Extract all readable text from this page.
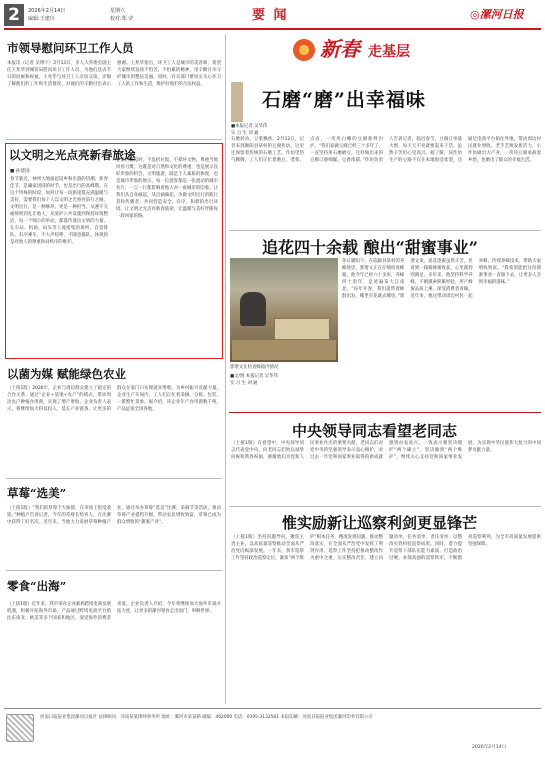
2	2026年2月14日
编辑:王建玲
星期六
校对:郑 莹	要 闻	◎漯河日报
市领导慰问环卫工作人员
本报讯（记者 吴博宇）2月13日，市人大常委会副主任王兆华到城管局慰问环卫工作人员，为他们送去节日的问候和祝福。王兆华与环卫工人亲切交谈，详细了解他们的工作和生活情况，对他们的辛勤付出表示感谢。王兆华指出，环卫工人是城市的美容师，希望大家继续发扬不怕苦、不怕累的精神，用辛勤汗水守护城市的整洁美丽。同时，有关部门要切实关心环卫工人的工作和生活，维护好他们的合法权益。
以文明之光点亮新春旅途
■ 孙建国
春节临近，神州大地涌起返乡和出游的热潮。新春佳节，是阖家团圆的时节，也是出行的高峰期。在这个特殊的时段，如何让每一段旅途都充满温暖与美好，需要我们每个人以文明之光照亮前行之路。文明出行，是一种修养，更是一种担当。从遵守交通规则到礼让他人，从爱护公共设施到保持环境整洁，每一个细小的举动，都能传递出文明的力量。在车站、机场、码头等人流密集的场所，自觉排队、有序乘车，不大声喧哗，不随意插队，体现的是对他人的尊重和对秩序的维护。
在景区游览时，不乱扔垃圾、不损坏文物，尊重当地风俗习惯，这既是对自然和文化的尊重，也是展示良好形象的机会。文明旅游，既是个人素质的体现，也是城市形象的展示。每一位游客都是一张流动的城市名片，一言一行都影响着他人对一座城市的印象。让我们从自身做起，从点滴做起，争做文明出行的践行者和传播者，共同营造安全、有序、和谐的出行环境，让文明之光点亮新春旅途，让温暖与美好伴随每一段回家的路。
以菌为媒 赋能绿色农业
（上接1版）2026年，企业与周边群众建立了稳定的合作关系，通过“企业+基地+农户”的模式，带动周边农户种植食用菌，实现了增产增收。企业负责人表示，将继续加大科技投入，延长产业链条，让更多的群众在家门口实现就业增收，为乡村振兴贡献力量。企业生产车间内，工人们正忙着采摘、分拣、包装，一派繁忙景象。据介绍，该企业年产食用菌数千吨，产品远销全国各地。
草莓“选美”
（上接1版）“我们的草莓个大味甜，在市场上很受欢迎。”种植户告诉记者，今年的草莓长势喜人，在比赛中获得了好名次。近年来，当地大力发展草莓种植产业，通过举办草莓“选美”比赛、采摘节等活动，推动草莓产业提档升级，带动农民增收致富，草莓已成为群众增收的“甜蜜产业”。
零食“出海”
（上接1版）近年来，我市零食企业紧抓跨境电商发展机遇，积极开拓海外市场。产品通过跨境电商平台销往东南亚、欧美等多个国家和地区，深受海外消费者喜爱。企业负责人介绍，今年将继续加大海外市场开拓力度，让更多的漯河零食走出国门，叫响世界。
新春 走基层
石磨“磨”出幸福味
■本报记者 吴华伟
实 习 生 刘 通
石磨转动，豆浆飘香。2月12日，记者来到舞阳县某村的豆腐作坊，这里还保留着传统的石磨工艺。作坊里热气腾腾，工人们正忙着磨豆、煮浆、点卤，一块块白嫩的豆腐新鲜出炉。“我们家做豆腐已经三十多年了，一直坚持用石磨磨豆，这样做出来的豆腐口感细腻、豆香浓郁。”作坊负责人告诉记者，临近春节，豆腐订单量大增，每天天不亮就要起来干活，虽然辛苦但心里高兴。据了解，该作坊生产的豆腐不仅在本地很受欢迎，还通过电商平台销往外地，带动周边村民就业增收。老手艺焕发新活力，小作坊做出大产业，一块块豆腐承载着乡愁，也磨出了群众的幸福生活。
追花四十余载 酿出“甜蜜事业”
郭增文在检查蜂箱内情况
■文/图 本报记者 吴华伟
实 习 生 刘 通
冬日暖阳下，在临颍县某村的养蜂场里，郭增文正在仔细检查蜂箱。他今年已经六十多岁，养蜂四十余年，足迹遍布大江南北。“每年开春，我们就带着蜂群出发，哪里有花就去哪里。”郭增文说，追花逐蜜虽然辛苦，但看到一箱箱蜂蜜收获，心里就特别满足。多年来，他坚持科学养蜂，不断摸索积累经验，所产蜂蜜品质上乘，深受消费者青睐。近年来，他还带动周边村民一起养蜂，传授养蜂技术，帮助大家增收致富。“我希望能把这份甜蜜事业一直做下去，让更多人尝到幸福的滋味。”
中央领导同志看望老同志
（上接1版）在看望中，中央领导同志代表党中央，向老同志们致以诚挚问候和新春祝福，感谢他们为党和人民事业作出的重要贡献。老同志们对党中央的坚强领导表示衷心拥护，对过去一年党和国家事业取得的新成就感到由衷高兴，一致表示要坚决拥护“两个确立”、坚决做到“两个维护”，继续关心支持党和国家事业发展，为实现中华民族伟大复兴的中国梦贡献力量。
惟实励新让巡察利剑更显锋芒
（上接1版）坚持问题导向，聚焦主责主业，以高质量巡察推动全面从严治党向纵深发展。一年来，我市巡察工作坚持政治巡察定位，紧扣“两个维护”根本任务，精准发现问题，推动整改落实，在全面从严治党中发挥了利剑作用。巡察工作坚持把推动整改作为重中之重，压实整改责任，建立问题清单、任务清单、责任清单，以整改实效检验巡察成果。同时，着力提升巡察干部队伍能力素质，打造政治过硬、本领高强的巡察铁军，不断擦亮巡察利剑，为全市高质量发展提供坚强保障。
河南日报报业集团漯河日报社 法律顾问：河南某某律师事务所 地址：漯河市某某路 邮编：462000 电话：0395-3132561 本报印刷：河南日报报业集团漯河印务有限公司
2026年2月14日
